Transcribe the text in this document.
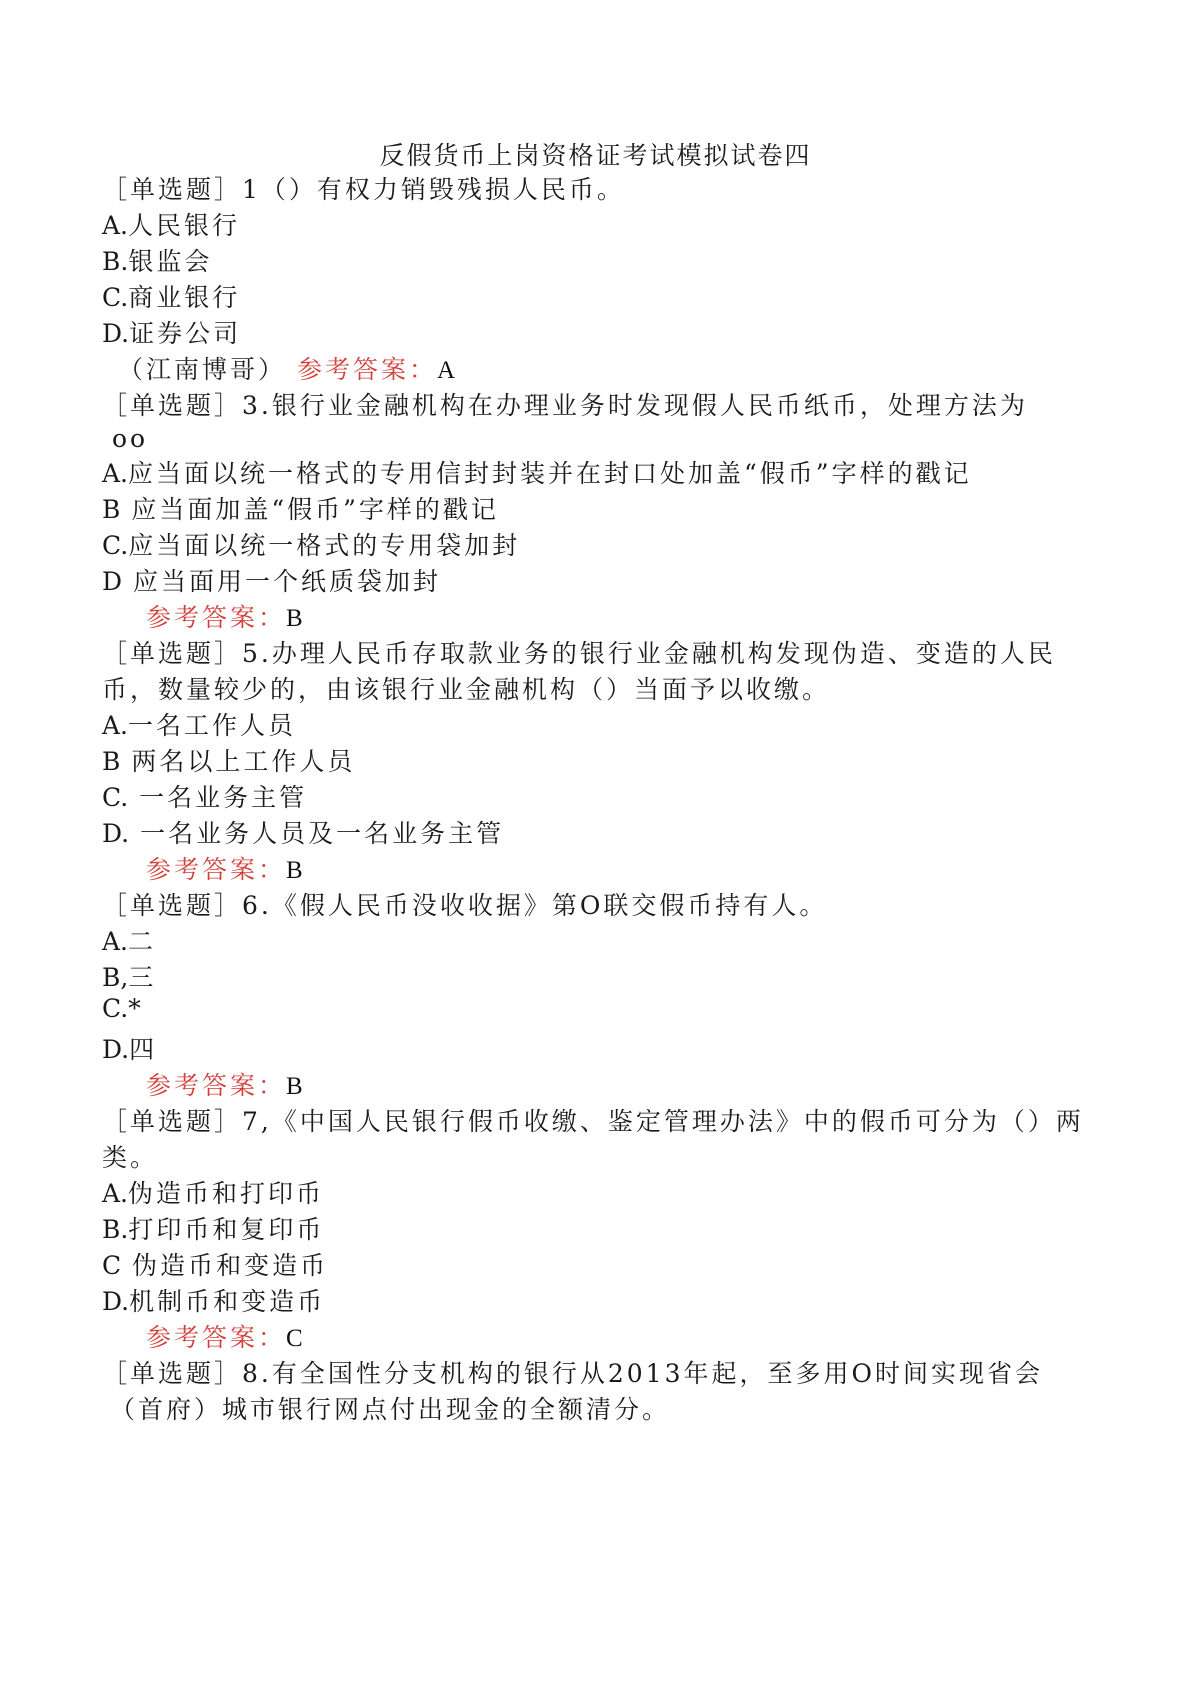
反假货币上岗资格证考试模拟试卷四
［单选题］1（）有权力销毁残损人民币。
A.人民银行
B.银监会
C.商业银行
D.证券公司
（江南博哥） 参考答案：A
［单选题］3.银行业金融机构在办理业务时发现假人民币纸币，处理方法为
oo
A.应当面以统一格式的专用信封封装并在封口处加盖“假币”字样的戳记
B 应当面加盖“假币”字样的戳记
C.应当面以统一格式的专用袋加封
D 应当面用一个纸质袋加封
参考答案：B
［单选题］5.办理人民币存取款业务的银行业金融机构发现伪造、变造的人民
币，数量较少的，由该银行业金融机构（）当面予以收缴。
A.一名工作人员
B 两名以上工作人员
C. 一名业务主管
D. 一名业务人员及一名业务主管
参考答案：B
［单选题］6.《假人民币没收收据》第O联交假币持有人。
A.二
B,三
C.*
D.四
参考答案：B
［单选题］7,《中国人民银行假币收缴、鉴定管理办法》中的假币可分为（）两
类。
A.伪造币和打印币
B.打印币和复印币
C 伪造币和变造币
D.机制币和变造币
参考答案：C
［单选题］8.有全国性分支机构的银行从2013年起，至多用O时间实现省会
（首府）城市银行网点付出现金的全额清分。
